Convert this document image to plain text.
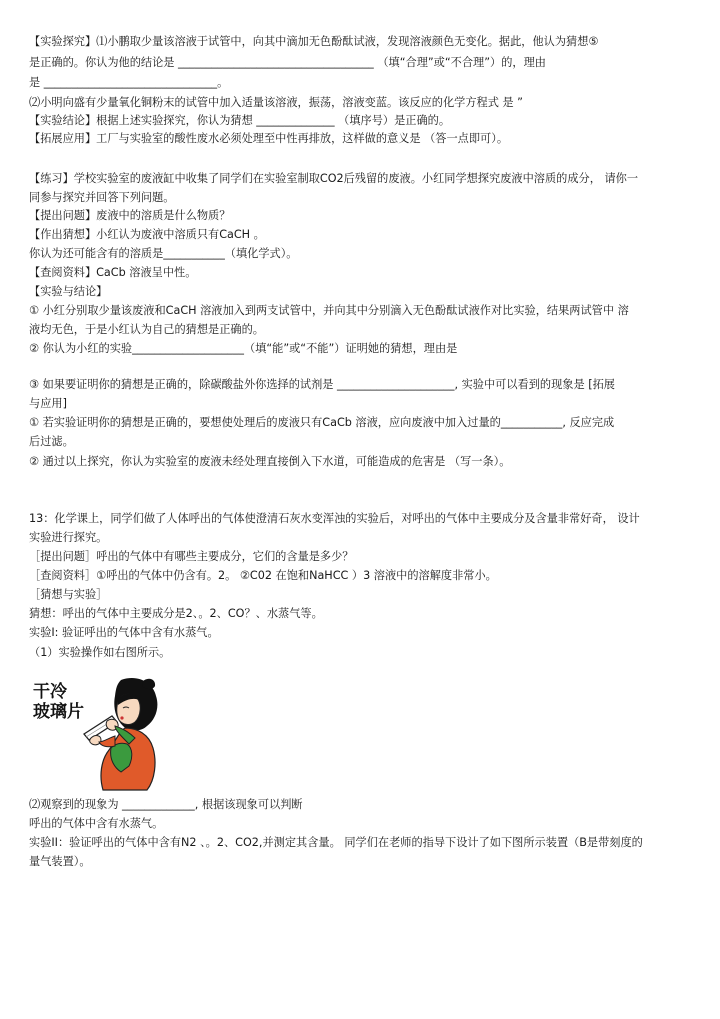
【实验探究】⑴小鹏取少量该溶液于试管中，向其中滴加无色酚酞试液，发现溶液颜色无变化。据此，他认为猜想⑤
是正确的。你认为他的结论是 ___________________________________ （填“合理”或“不合理”）的，理由
是 _______________________________。
⑵小明向盛有少量氧化铜粉末的试管中加入适量该溶液，振荡，溶液变蓝。该反应的化学方程式 是 ”
【实验结论】根据上述实验探究，你认为猜想 ______________ （填序号）是正确的。
【拓展应用】工厂与实验室的酸性废水必须处理至中性再排放，这样做的意义是 （答一点即可）。
【练习】学校实验室的废液缸中收集了同学们在实验室制取CO2后残留的废液。小红同学想探究废液中溶质的成分， 请你一
同参与探究并回答下列问题。
【提出问题】废液中的溶质是什么物质？
【作出猜想】小红认为废液中溶质只有CaCH 。
你认为还可能含有的溶质是___________（填化学式）。
【查阅资料】CaCb 溶液呈中性。
【实验与结论】
① 小红分别取少量该废液和CaCH 溶液加入到两支试管中，并向其中分别滴入无色酚酞试液作对比实验，结果两试管中 溶
液均无色，于是小红认为自己的猜想是正确的。
② 你认为小红的实验____________________（填“能”或“不能”）证明她的猜想，理由是
③ 如果要证明你的猜想是正确的，除碳酸盐外你选择的试剂是 _____________________, 实验中可以看到的现象是 [拓展
与应用]
① 若实验证明你的猜想是正确的，要想使处理后的废液只有CaCb 溶液，应向废液中加入过量的___________, 反应完成
后过滤。
② 通过以上探究，你认为实验室的废液未经处理直接倒入下水道，可能造成的危害是 （写一条）。
13：化学课上，同学们做了人体呼出的气体使澄清石灰水变浑浊的实验后，对呼出的气体中主要成分及含量非常好奇， 设计
实验进行探究。
［提出问题］呼出的气体中有哪些主要成分，它们的含量是多少？
［查阅资料］①呼出的气体中仍含有。2。 ②C02 在饱和NaHCC ）3 溶液中的溶解度非常小。
［猜想与实验］
猜想：呼出的气体中主要成分是2、。2、CO？、水蒸气等。
实验I: 验证呼出的气体中含有水蒸气。
（1）实验操作如右图所示。
干冷
玻璃片
⑵观察到的现象为 _____________, 根据该现象可以判断
呼出的气体中含有水蒸气。
实验II：验证呼出的气体中含有N2 、。2、CO2,并测定其含量。 同学们在老师的指导下设计了如下图所示装置（B是带刻度的
量气装置）。
